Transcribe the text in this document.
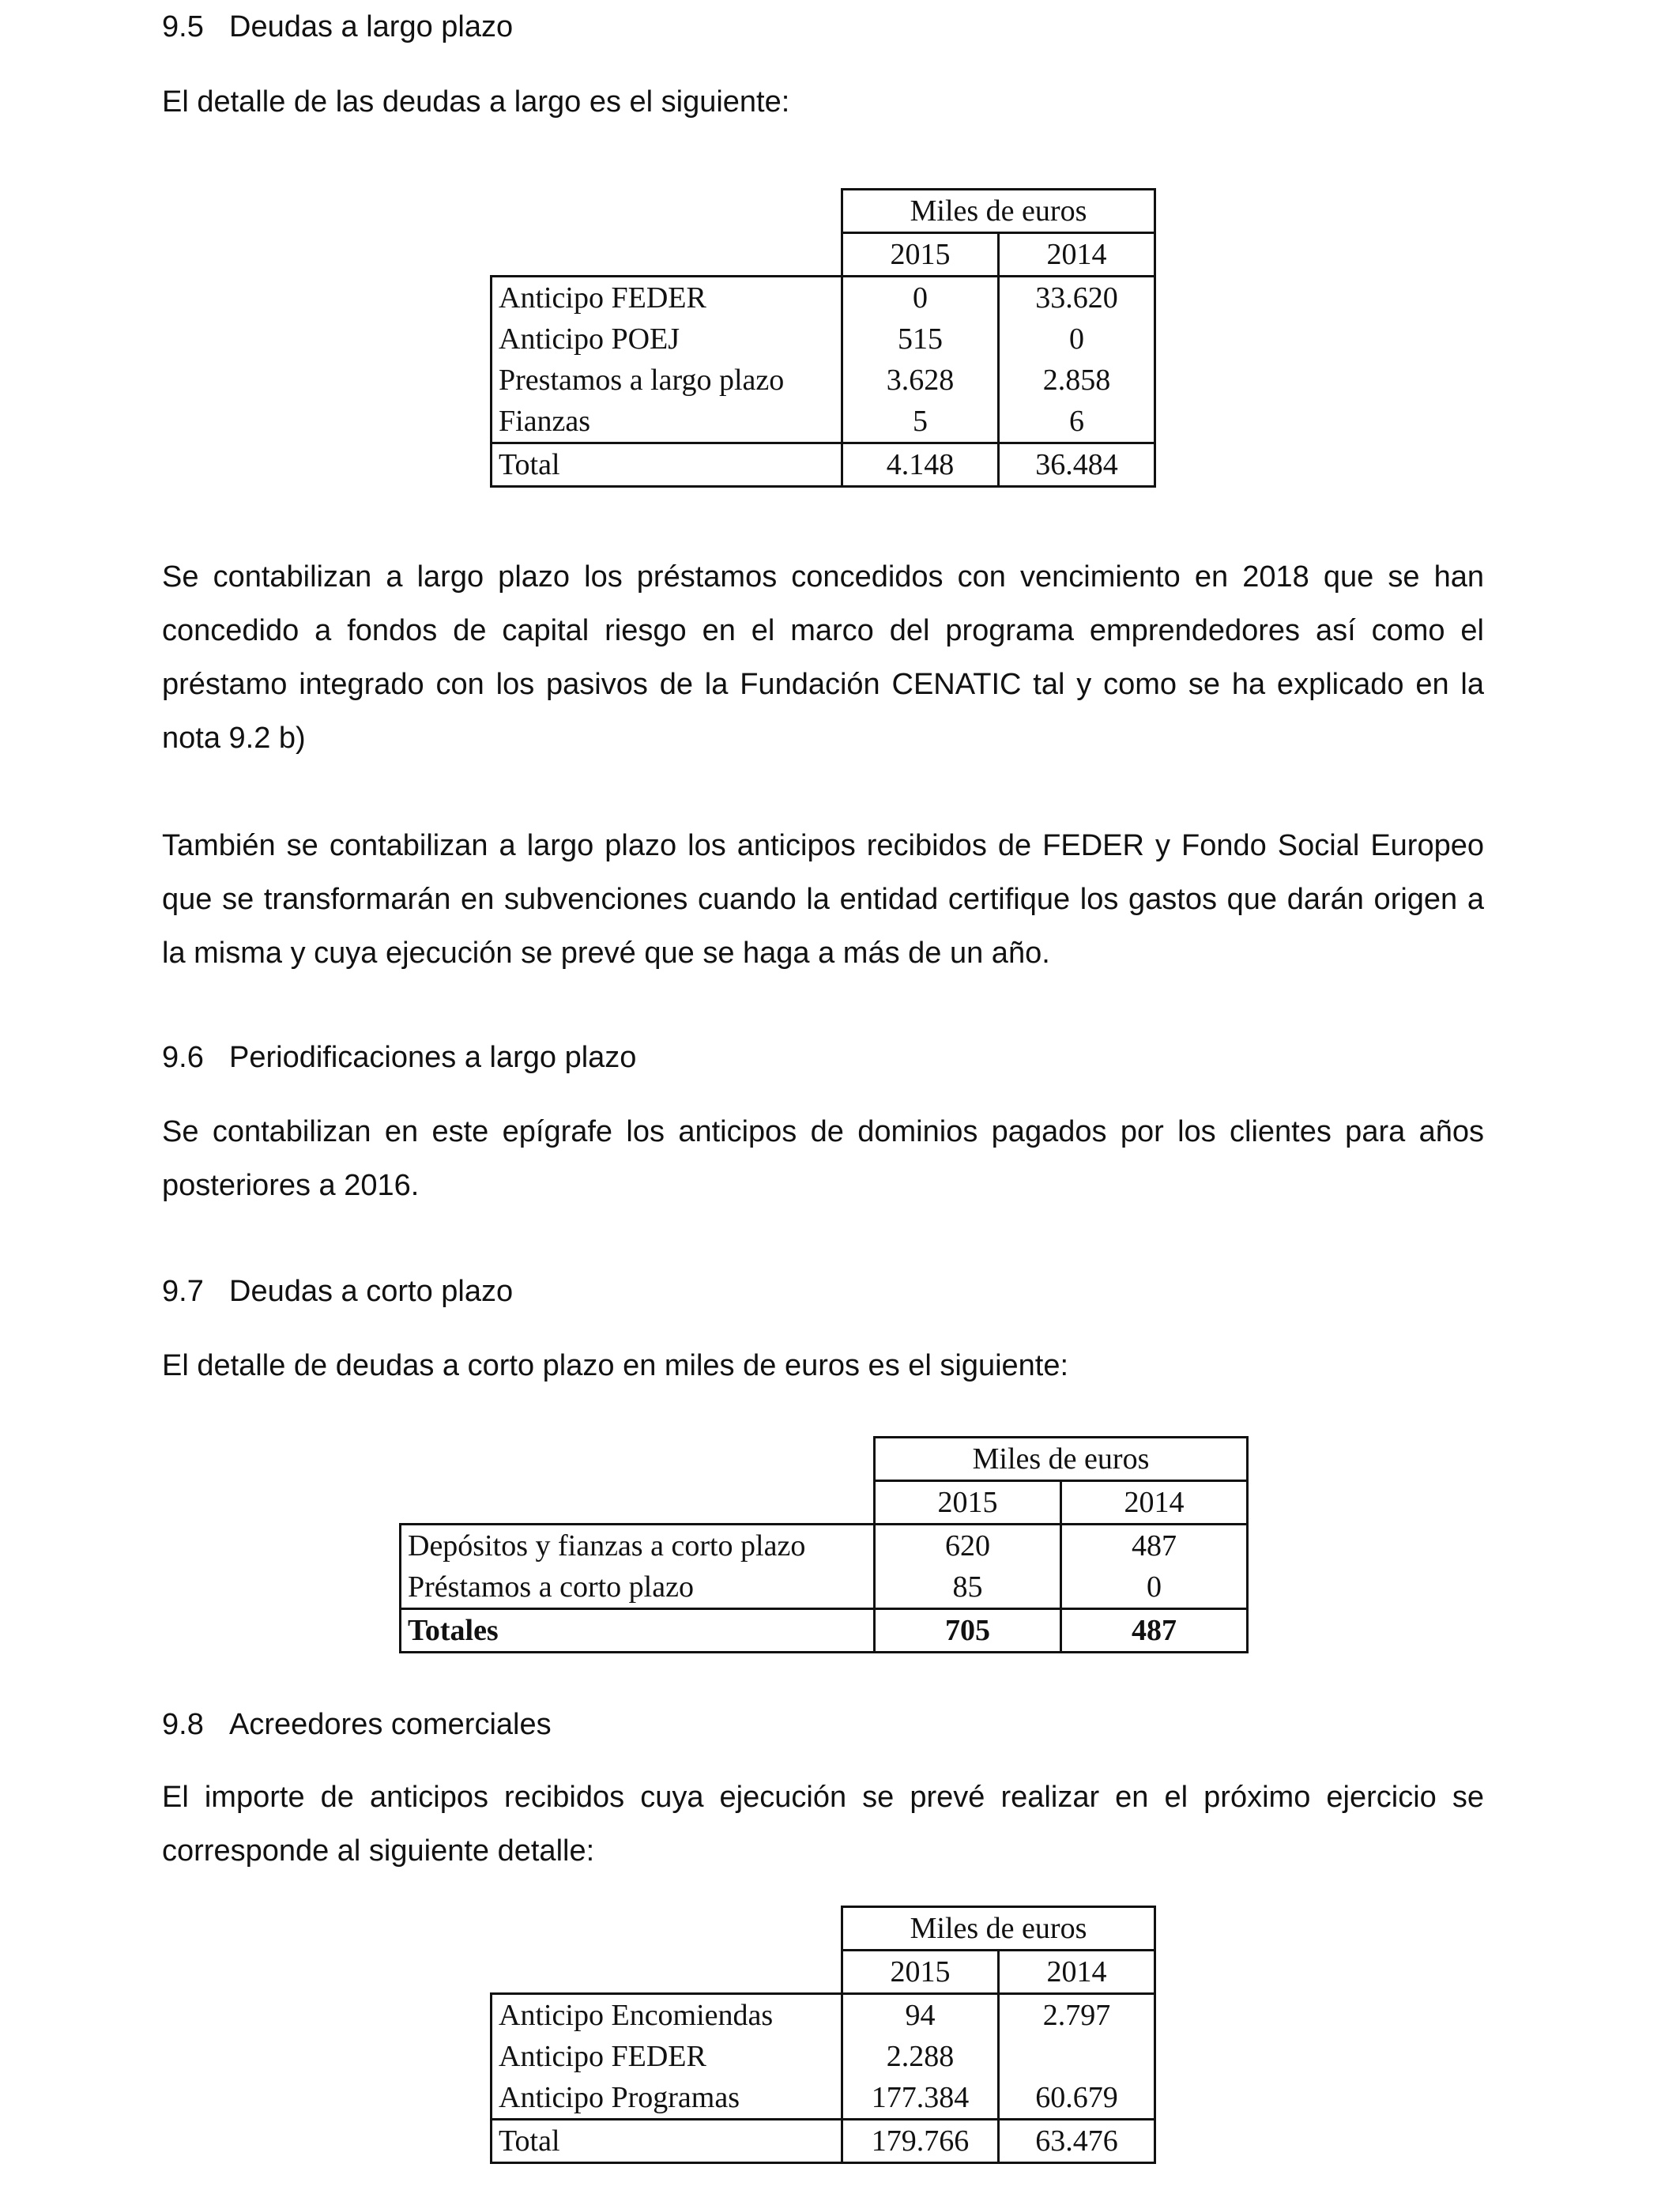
9.5 Deudas a largo plazo
El detalle de las deudas a largo es el siguiente:
	Miles de euros	
	2015	2014
Anticipo FEDER	0	33.620
Anticipo POEJ	515	0
Prestamos a largo plazo	3.628	2.858
Fianzas	5	6
Total	4.148	36.484
Se contabilizan a largo plazo los préstamos concedidos con vencimiento en 2018 que se han concedido a fondos de capital riesgo en el marco del programa emprendedores así como el préstamo integrado con los pasivos de la Fundación CENATIC tal y como se ha explicado en la nota 9.2 b)
También se contabilizan a largo plazo los anticipos recibidos de FEDER y Fondo Social Europeo que se transformarán en subvenciones cuando la entidad certifique los gastos que darán origen a la misma y cuya ejecución se prevé que se haga a más de un año.
9.6 Periodificaciones a largo plazo
Se contabilizan en este epígrafe los anticipos de dominios pagados por los clientes para años posteriores a 2016.
9.7 Deudas a corto plazo
El detalle de deudas a corto plazo en miles de euros es el siguiente:
	Miles de euros	
	2015	2014
Depósitos y fianzas a corto plazo	620	487
Préstamos a corto plazo	85	0
Totales	705	487
9.8 Acreedores comerciales
El importe de anticipos recibidos cuya ejecución se prevé realizar en el próximo ejercicio se corresponde al siguiente detalle:
	Miles de euros	
	2015	2014
Anticipo Encomiendas	94	2.797
Anticipo FEDER	2.288	
Anticipo Programas	177.384	60.679
Total	179.766	63.476
